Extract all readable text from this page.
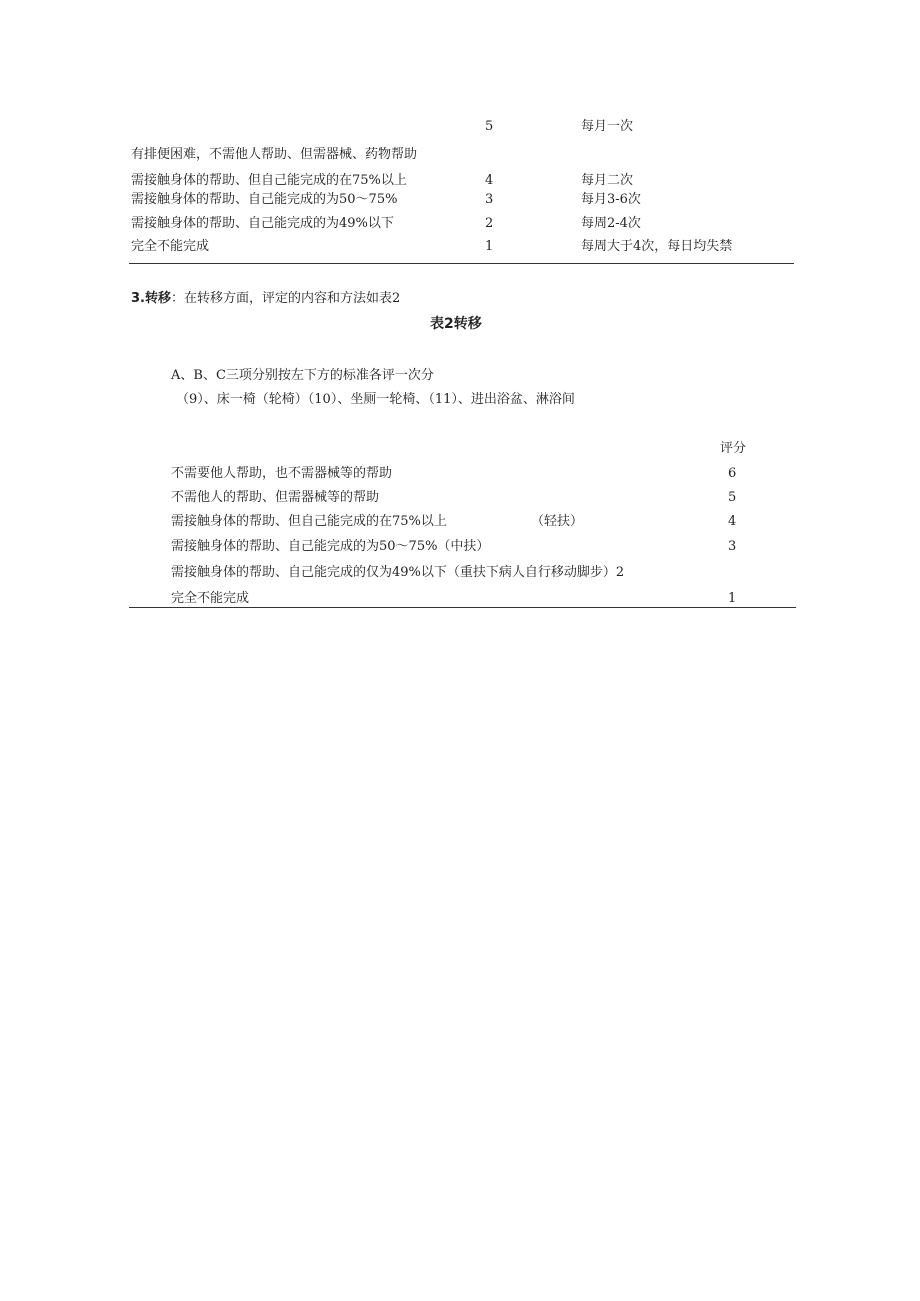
5	每月一次
有排便困难，不需他人帮助、但需器械、药物帮助
需接触身体的帮助、但自己能完成的在75%以上	4	每月二次
需接触身体的帮助、自己能完成的为50～75%	3	每月3-6次
需接触身体的帮助、自己能完成的为49%以下	2	每周2-4次
完全不能完成	1	每周大于4次，每日均失禁
3.转移：在转移方面，评定的内容和方法如表2
表2转移
A、B、C三项分别按左下方的标准各评一次分
（9）、床一椅（轮椅）（10）、坐厕一轮椅、（11）、进出浴盆、淋浴间
评分
不需要他人帮助，也不需器械等的帮助	6
不需他人的帮助、但需器械等的帮助	5
需接触身体的帮助、但自己能完成的在75%以上	（轻扶）	4
需接触身体的帮助、自己能完成的为50～75%（中扶）	3
需接触身体的帮助、自己能完成的仅为49%以下（重扶下病人自行移动脚步）2
完全不能完成	1
